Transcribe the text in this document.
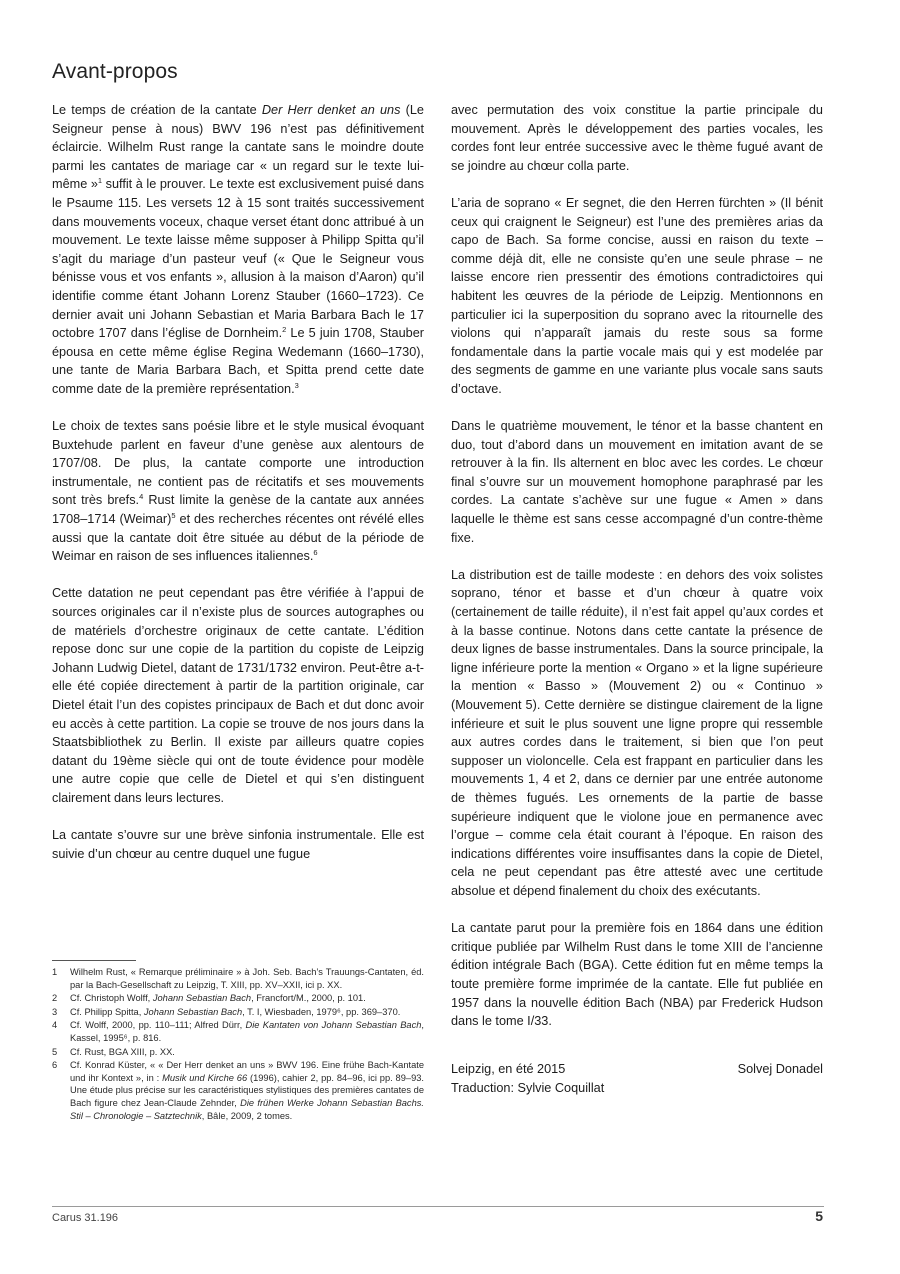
Avant-propos

Le temps de création de la cantate Der Herr denket an uns (Le Seigneur pense à nous) BWV 196 n’est pas définitivement éclaircie. Wilhelm Rust range la cantate sans le moindre doute parmi les cantates de mariage car « un regard sur le texte lui-même »$^1$ suffit à le prouver. Le texte est exclusivement puisé dans le Psaume 115. Les versets 12 à 15 sont traités successivement dans mouvements voceux, chaque verset étant donc attribué à un mouvement. Le texte laisse même supposer à Philipp Spitta qu’il s’agit du mariage d’un pasteur veuf (« Que le Seigneur vous bénisse vous et vos enfants », allusion à la maison d’Aaron) qu’il identifie comme étant Johann Lorenz Stauber (1660–1723). Ce dernier avait uni Johann Sebastian et Maria Barbara Bach le 17 octobre 1707 dans l’église de Dornheim.$^2$ Le 5 juin 1708, Stauber épousa en cette même église Regina Wedemann (1660–1730), une tante de Maria Barbara Bach, et Spitta prend cette date comme date de la première représentation.$^3$

Le choix de textes sans poésie libre et le style musical évoquant Buxtehude parlent en faveur d’une genèse aux alentours de 1707/08. De plus, la cantate comporte une introduction instrumentale, ne contient pas de récitatifs et ses mouvements sont très brefs.$^4$ Rust limite la genèse de la cantate aux années 1708–1714 (Weimar)$^5$ et des recherches récentes ont révélé elles aussi que la cantate doit être située au début de la période de Weimar en raison de ses influences italiennes.$^6$

Cette datation ne peut cependant pas être vérifiée à l’appui de sources originales car il n’existe plus de sources autographes ou de matériels d’orchestre originaux de cette cantate. L’édition repose donc sur une copie de la partition du copiste de Leipzig Johann Ludwig Dietel, datant de 1731/1732 environ. Peut-être a-t-elle été copiée directement à partir de la partition originale, car Dietel était l’un des copistes principaux de Bach et dut donc avoir eu accès à cette partition. La copie se trouve de nos jours dans la Staatsbibliothek zu Berlin. Il existe par ailleurs quatre copies datant du 19ème siècle qui ont de toute évidence pour modèle une autre copie que celle de Dietel et qui s’en distinguent clairement dans leurs lectures.

La cantate s’ouvre sur une brève sinfonia instrumentale. Elle est suivie d’un chœur au centre duquel une fugue

avec permutation des voix constitue la partie principale du mouvement. Après le développement des parties vocales, les cordes font leur entrée successive avec le thème fugué avant de se joindre au chœur colla parte.

L’aria de soprano « Er segnet, die den Herren fürchten » (Il bénit ceux qui craignent le Seigneur) est l’une des premières arias da capo de Bach. Sa forme concise, aussi en raison du texte – comme déjà dit, elle ne consiste qu’en une seule phrase – ne laisse encore rien pressentir des émotions contradictoires qui habitent les œuvres de la période de Leipzig. Mentionnons en particulier ici la superposition du soprano avec la ritournelle des violons qui n’apparaît jamais du reste sous sa forme fondamentale dans la partie vocale mais qui y est modelée par des segments de gamme en une variante plus vocale sans sauts d’octave.

Dans le quatrième mouvement, le ténor et la basse chantent en duo, tout d’abord dans un mouvement en imitation avant de se retrouver à la fin. Ils alternent en bloc avec les cordes. Le chœur final s’ouvre sur un mouvement homophone paraphrasé par les cordes. La cantate s’achève sur une fugue « Amen » dans laquelle le thème est sans cesse accompagné d’un contre-thème fixe.

La distribution est de taille modeste : en dehors des voix solistes soprano, ténor et basse et d’un chœur à quatre voix (certainement de taille réduite), il n’est fait appel qu’aux cordes et à la basse continue. Notons dans cette cantate la présence de deux lignes de basse instrumentales. Dans la source principale, la ligne inférieure porte la mention « Organo » et la ligne supérieure la mention « Basso » (Mouvement 2) ou « Continuo » (Mouvement 5). Cette dernière se distingue clairement de la ligne inférieure et suit le plus souvent une ligne propre qui ressemble aux autres cordes dans le traitement, si bien que l’on peut supposer un violoncelle. Cela est frappant en particulier dans les mouvements 1, 4 et 2, dans ce dernier par une entrée autonome de thèmes fugués. Les ornements de la partie de basse supérieure indiquent que le violone joue en permanence avec l’orgue – comme cela était courant à l’époque. En raison des indications différentes voire insuffisantes dans la copie de Dietel, cela ne peut cependant pas être attesté avec une certitude absolue et dépend finalement du choix des exécutants.

La cantate parut pour la première fois en 1864 dans une édition critique publiée par Wilhelm Rust dans le tome XIII de l’ancienne édition intégrale Bach (BGA). Cette édition fut en même temps la toute première forme imprimée de la cantate. Elle fut publiée en 1957 dans la nouvelle édition Bach (NBA) par Frederick Hudson dans le tome I/33.

Leipzig, en été 2015	Solvej Donadel
Traduction: Sylvie Coquillat
1	Wilhelm Rust, « Remarque préliminaire » à Joh. Seb. Bach’s Trauungs-Cantaten, éd. par la Bach-Gesellschaft zu Leipzig, T. XIII, pp. XV–XXII, ici p. XX.
2	Cf. Christoph Wolff, Johann Sebastian Bach, Francfort/M., 2000, p. 101.
3	Cf. Philipp Spitta, Johann Sebastian Bach, T. I, Wiesbaden, 1979⁶, pp. 369–370.
4	Cf. Wolff, 2000, pp. 110–111; Alfred Dürr, Die Kantaten von Johann Sebastian Bach, Kassel, 1995⁶, p. 816.
5	Cf. Rust, BGA XIII, p. XX.
6	Cf. Konrad Küster, « « Der Herr denket an uns » BWV 196. Eine frühe Bach-Kantate und ihr Kontext », in : Musik und Kirche 66 (1996), cahier 2, pp. 84–96, ici pp. 89–93. Une étude plus précise sur les caractéristiques stylistiques des premières cantates de Bach figure chez Jean-Claude Zehnder, Die frühen Werke Johann Sebastian Bachs. Stil – Chronologie – Satztechnik, Bâle, 2009, 2 tomes.
Carus 31.196	5
